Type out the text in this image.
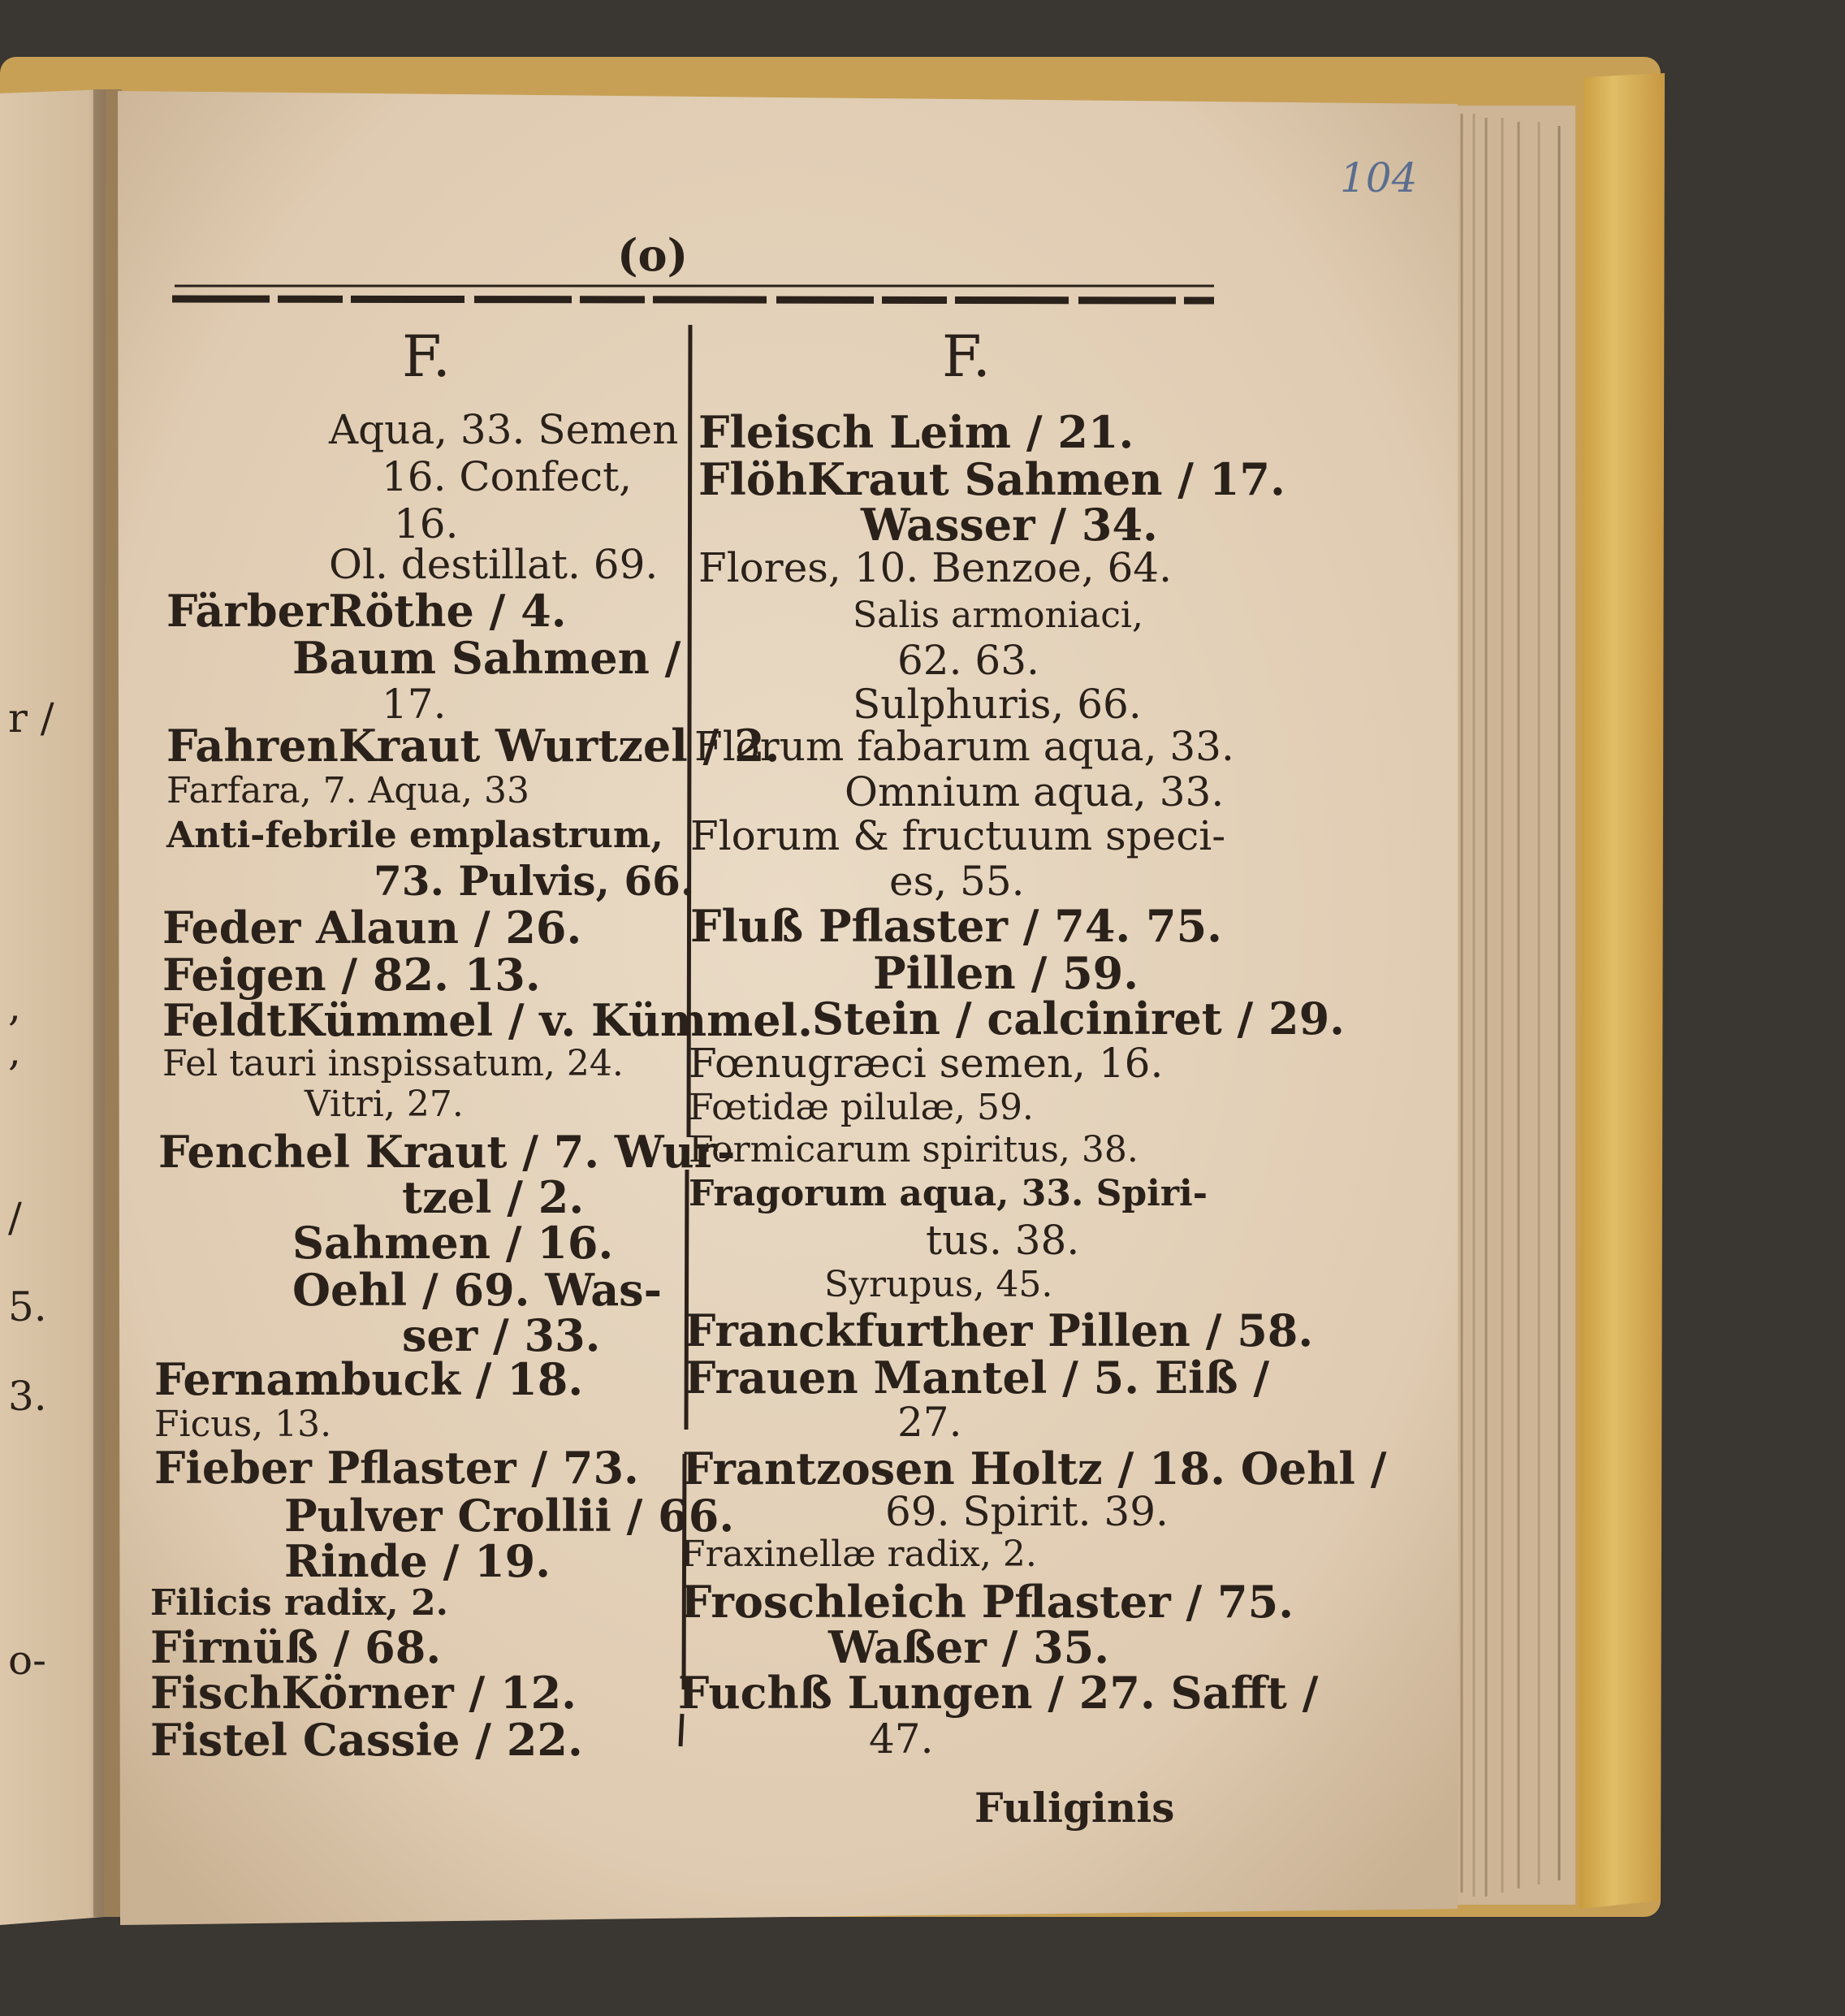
104
(o)
F.	F.
r /
,
,
/
5.
3.
o-
Aqua, 33. Semen
16. Confect,
16.
Ol. destillat. 69.
FärberRöthe / 4.
Baum Sahmen /
17.
FahrenKraut Wurtzel / 2.
Farfara, 7. Aqua, 33
Anti-febrile emplastrum,
73. Pulvis, 66.
Feder Alaun / 26.
Feigen / 82. 13.
FeldtKümmel / v. Kümmel.
Fel tauri inspissatum, 24.
Vitri, 27.
Fenchel Kraut / 7. Wur-
tzel / 2.
Sahmen / 16.
Oehl / 69. Was-
ser / 33.
Fernambuck / 18.
Ficus, 13.
Fieber Pflaster / 73.
Pulver Crollii / 66.
Rinde / 19.
Filicis radix, 2.
Firnüß / 68.
FischKörner / 12.
Fistel Cassie / 22.
Fleisch Leim / 21.
FlöhKraut Sahmen / 17.
Wasser / 34.
Flores, 10. Benzoe, 64.
Salis armoniaci,
62. 63.
Sulphuris, 66.
Florum fabarum aqua, 33.
Omnium aqua, 33.
Florum & fructuum speci-
es, 55.
Fluß Pflaster / 74. 75.
Pillen / 59.
Stein / calciniret / 29.
Fœnugræci semen, 16.
Fœtidæ pilulæ, 59.
Formicarum spiritus, 38.
Fragorum aqua, 33. Spiri-
tus. 38.
Syrupus, 45.
Franckfurther Pillen / 58.
Frauen Mantel / 5. Eiß /
27.
Frantzosen Holtz / 18. Oehl /
69. Spirit. 39.
Fraxinellæ radix, 2.
Froschleich Pflaster / 75.
Waßer / 35.
Fuchß Lungen / 27. Safft /
47.
Fuliginis
